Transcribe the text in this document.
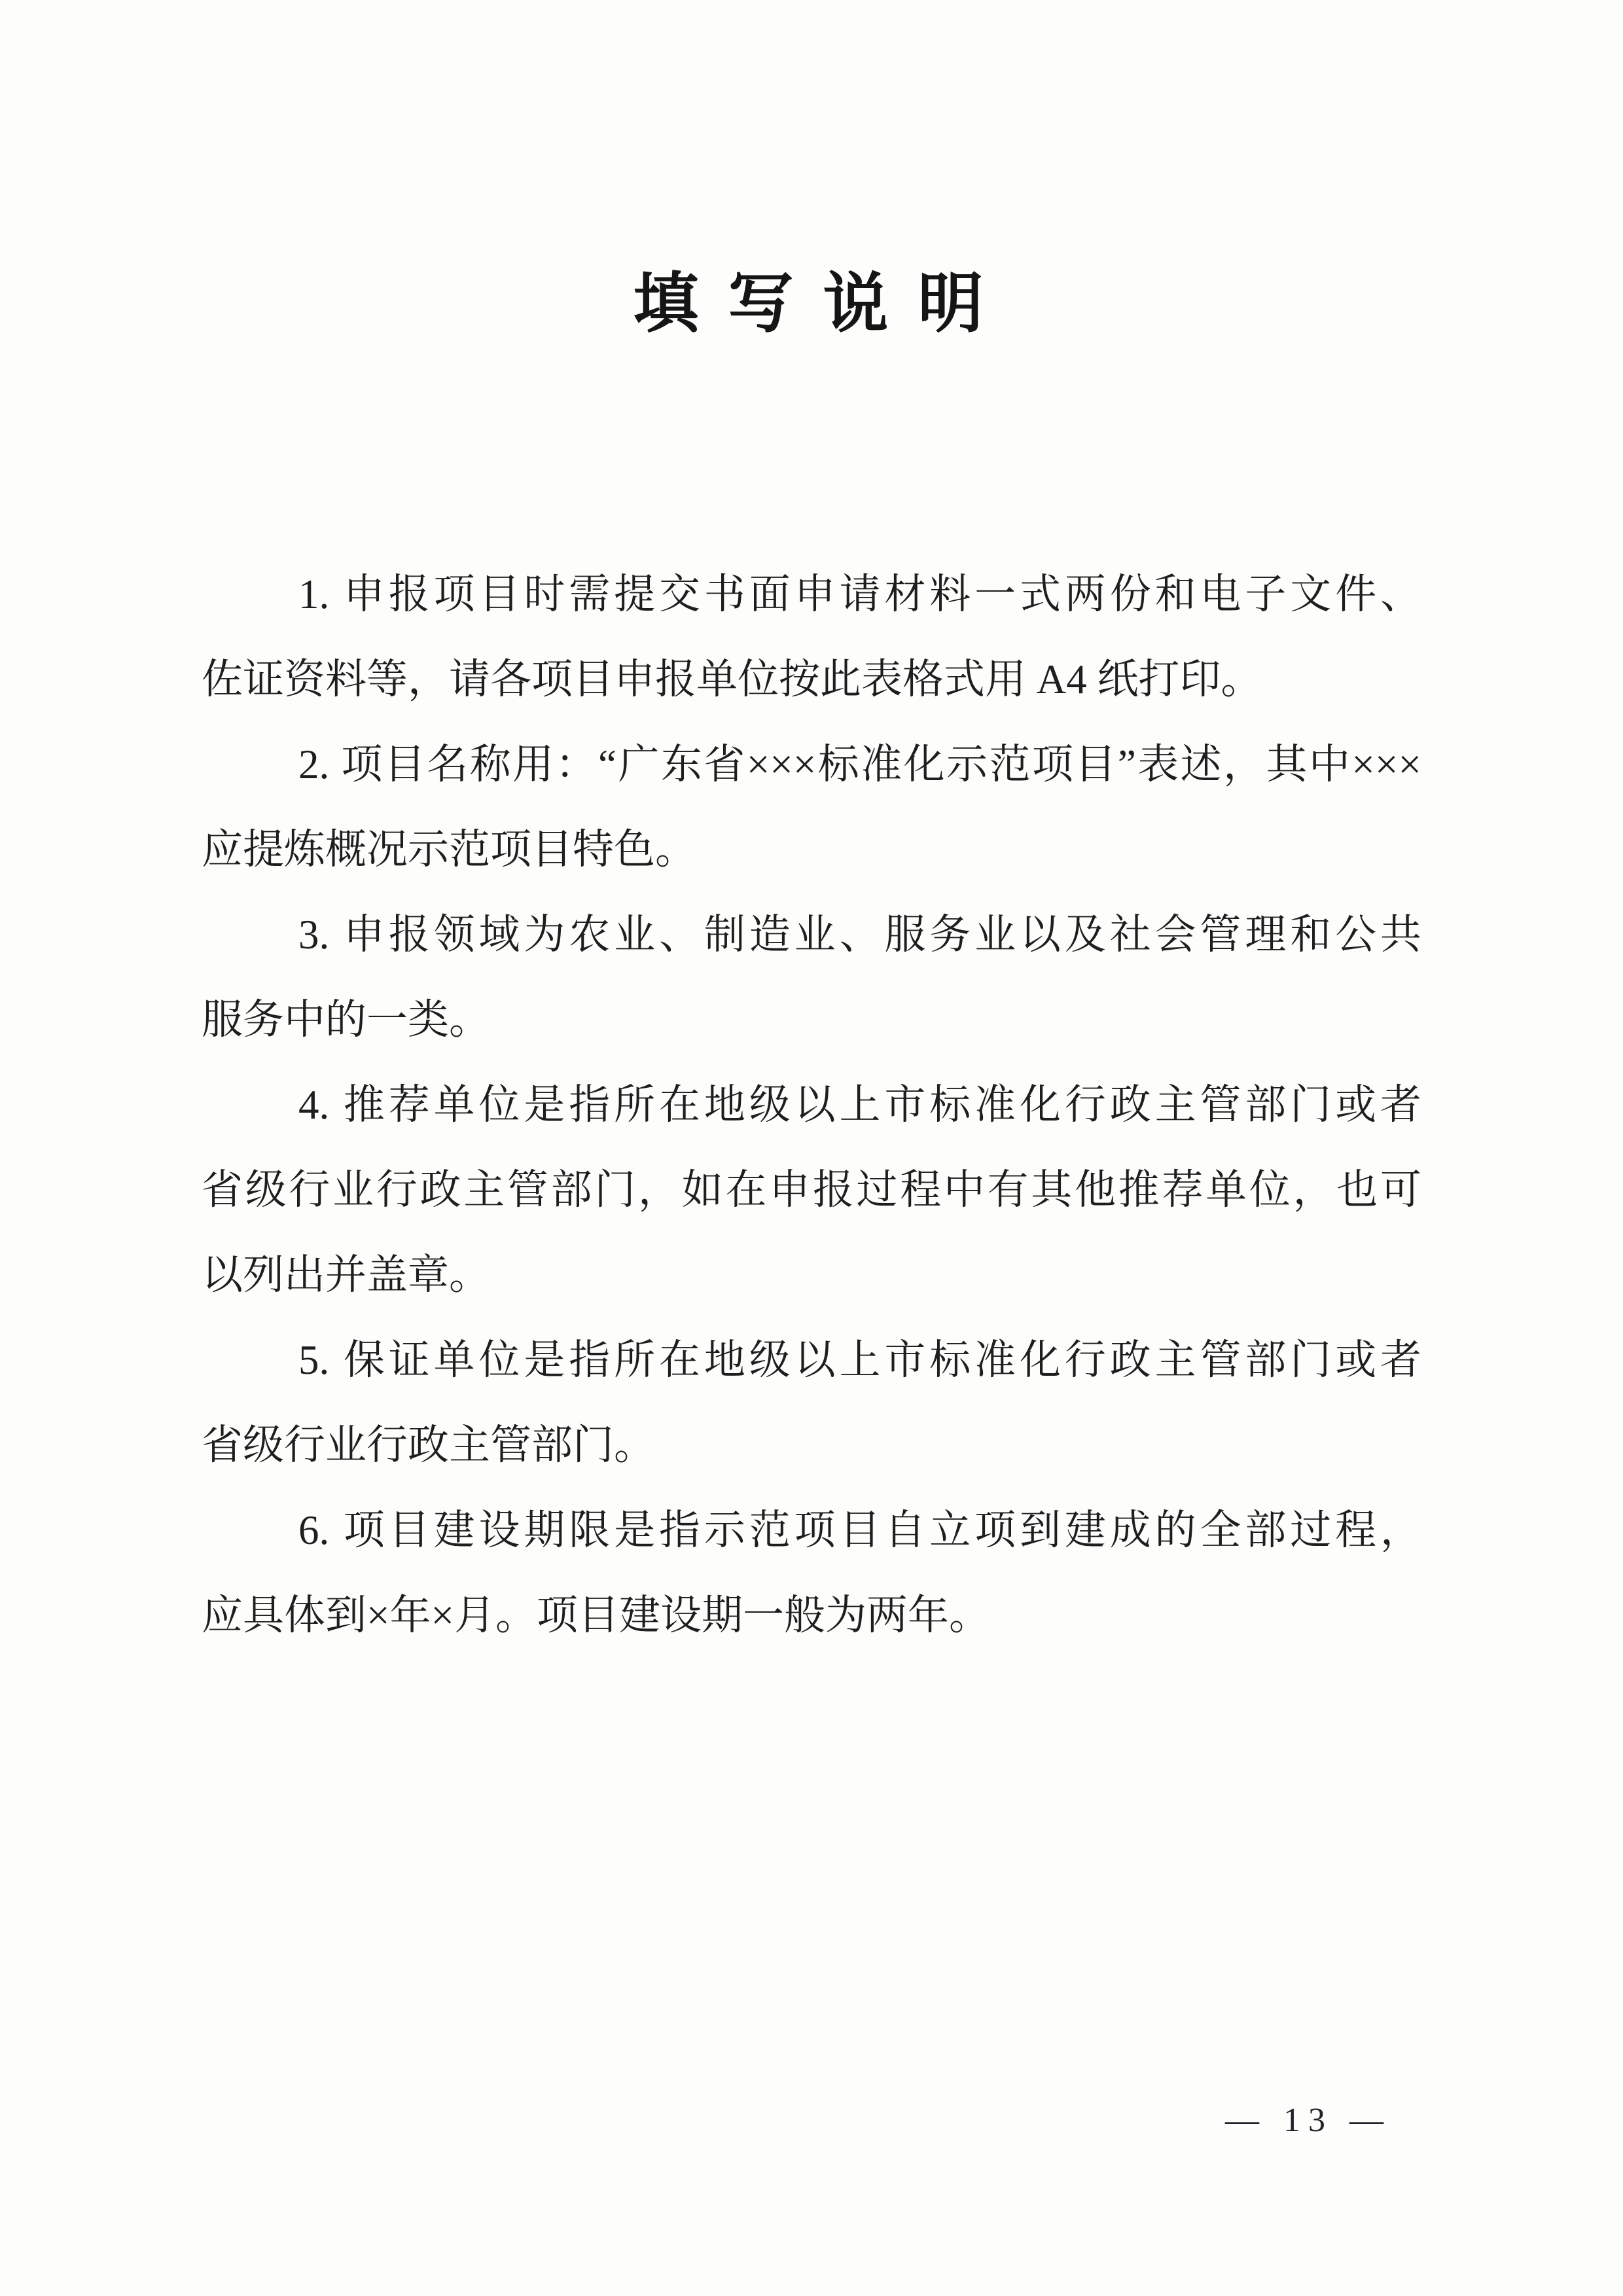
填 写 说 明
1. 申报项目时需提交书面申请材料一式两份和电子文件、
佐证资料等，请各项目申报单位按此表格式用 A4 纸打印。
2. 项目名称用：“广东省×××标准化示范项目”表述，其中×××
应提炼概况示范项目特色。
3. 申报领域为农业、制造业、服务业以及社会管理和公共
服务中的一类。
4. 推荐单位是指所在地级以上市标准化行政主管部门或者
省级行业行政主管部门，如在申报过程中有其他推荐单位，也可
以列出并盖章。
5. 保证单位是指所在地级以上市标准化行政主管部门或者
省级行业行政主管部门。
6. 项目建设期限是指示范项目自立项到建成的全部过程，
应具体到×年×月。项目建设期一般为两年。
— 13 —
